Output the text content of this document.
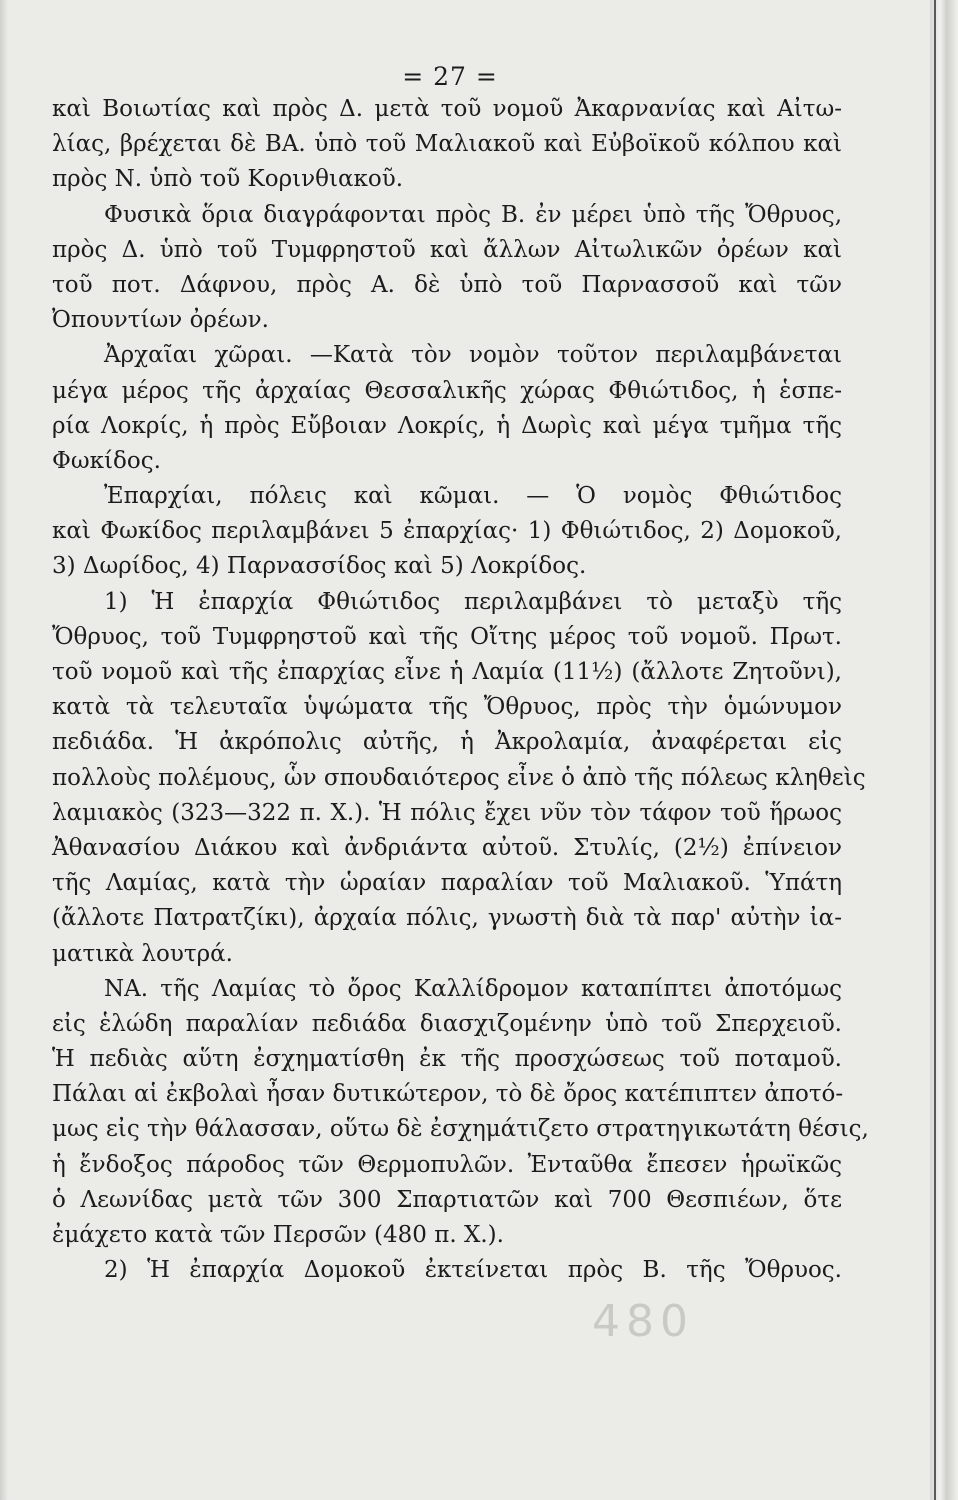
= 27 =
καὶ Βοιωτίας καὶ πρὸς Δ. μετὰ τοῦ νομοῦ Ἀκαρνανίας καὶ Αἰτω-
λίας, βρέχεται δὲ ΒΑ. ὑπὸ τοῦ Μαλιακοῦ καὶ Εὐβοϊκοῦ κόλπου καὶ
πρὸς Ν. ὑπὸ τοῦ Κορινθιακοῦ.
Φυσικὰ ὅρια διαγράφονται πρὸς Β. ἐν μέρει ὑπὸ τῆς Ὄθρυος,
πρὸς Δ. ὑπὸ τοῦ Τυμφρηστοῦ καὶ ἄλλων Αἰτωλικῶν ὀρέων καὶ
τοῦ ποτ. Δάφνου, πρὸς Α. δὲ ὑπὸ τοῦ Παρνασσοῦ καὶ τῶν
Ὀπουντίων ὀρέων.
Ἀρχαῖαι χῶραι. —Κατὰ τὸν νομὸν τοῦτον περιλαμβάνεται
μέγα μέρος τῆς ἀρχαίας Θεσσαλικῆς χώρας Φθιώτιδος, ἡ ἑσπε-
ρία Λοκρίς, ἡ πρὸς Εὔβοιαν Λοκρίς, ἡ Δωρὶς καὶ μέγα τμῆμα τῆς
Φωκίδος.
Ἐπαρχίαι, πόλεις καὶ κῶμαι. — Ὁ νομὸς Φθιώτιδος
καὶ Φωκίδος περιλαμβάνει 5 ἐπαρχίας· 1) Φθιώτιδος, 2) Δομοκοῦ,
3) Δωρίδος, 4) Παρνασσίδος καὶ 5) Λοκρίδος.
1) Ἡ ἐπαρχία Φθιώτιδος περιλαμβάνει τὸ μεταξὺ τῆς
Ὄθρυος, τοῦ Τυμφρηστοῦ καὶ τῆς Οἴτης μέρος τοῦ νομοῦ. Πρωτ.
τοῦ νομοῦ καὶ τῆς ἐπαρχίας εἶνε ἡ Λαμία (11½) (ἄλλοτε Ζητοῦνι),
κατὰ τὰ τελευταῖα ὑψώματα τῆς Ὄθρυος, πρὸς τὴν ὁμώνυμον
πεδιάδα. Ἡ ἀκρόπολις αὐτῆς, ἡ Ἀκρολαμία, ἀναφέρεται εἰς
πολλοὺς πολέμους, ὧν σπουδαιότερος εἶνε ὁ ἀπὸ τῆς πόλεως κληθεὶς
λαμιακὸς (323—322 π. Χ.). Ἡ πόλις ἔχει νῦν τὸν τάφον τοῦ ἥρωος
Ἀθανασίου Διάκου καὶ ἀνδριάντα αὐτοῦ. Στυλίς, (2½) ἐπίνειον
τῆς Λαμίας, κατὰ τὴν ὡραίαν παραλίαν τοῦ Μαλιακοῦ. Ὑπάτη
(ἄλλοτε Πατρατζίκι), ἀρχαία πόλις, γνωστὴ διὰ τὰ παρ' αὐτὴν ἰα-
ματικὰ λουτρά.
ΝΑ. τῆς Λαμίας τὸ ὄρος Καλλίδρομον καταπίπτει ἀποτόμως
εἰς ἑλώδη παραλίαν πεδιάδα διασχιζομένην ὑπὸ τοῦ Σπερχειοῦ.
Ἡ πεδιὰς αὕτη ἐσχηματίσθη ἐκ τῆς προσχώσεως τοῦ ποταμοῦ.
Πάλαι αἱ ἐκβολαὶ ἦσαν δυτικώτερον, τὸ δὲ ὄρος κατέπιπτεν ἀποτό-
μως εἰς τὴν θάλασσαν, οὕτω δὲ ἐσχημάτιζετο στρατηγικωτάτη θέσις,
ἡ ἔνδοξος πάροδος τῶν Θερμοπυλῶν. Ἐνταῦθα ἔπεσεν ἡρωϊκῶς
ὁ Λεωνίδας μετὰ τῶν 300 Σπαρτιατῶν καὶ 700 Θεσπιέων, ὅτε
ἐμάχετο κατὰ τῶν Περσῶν (480 π. Χ.).
2) Ἡ ἐπαρχία Δομοκοῦ ἐκτείνεται πρὸς Β. τῆς Ὄθρυος.
480
